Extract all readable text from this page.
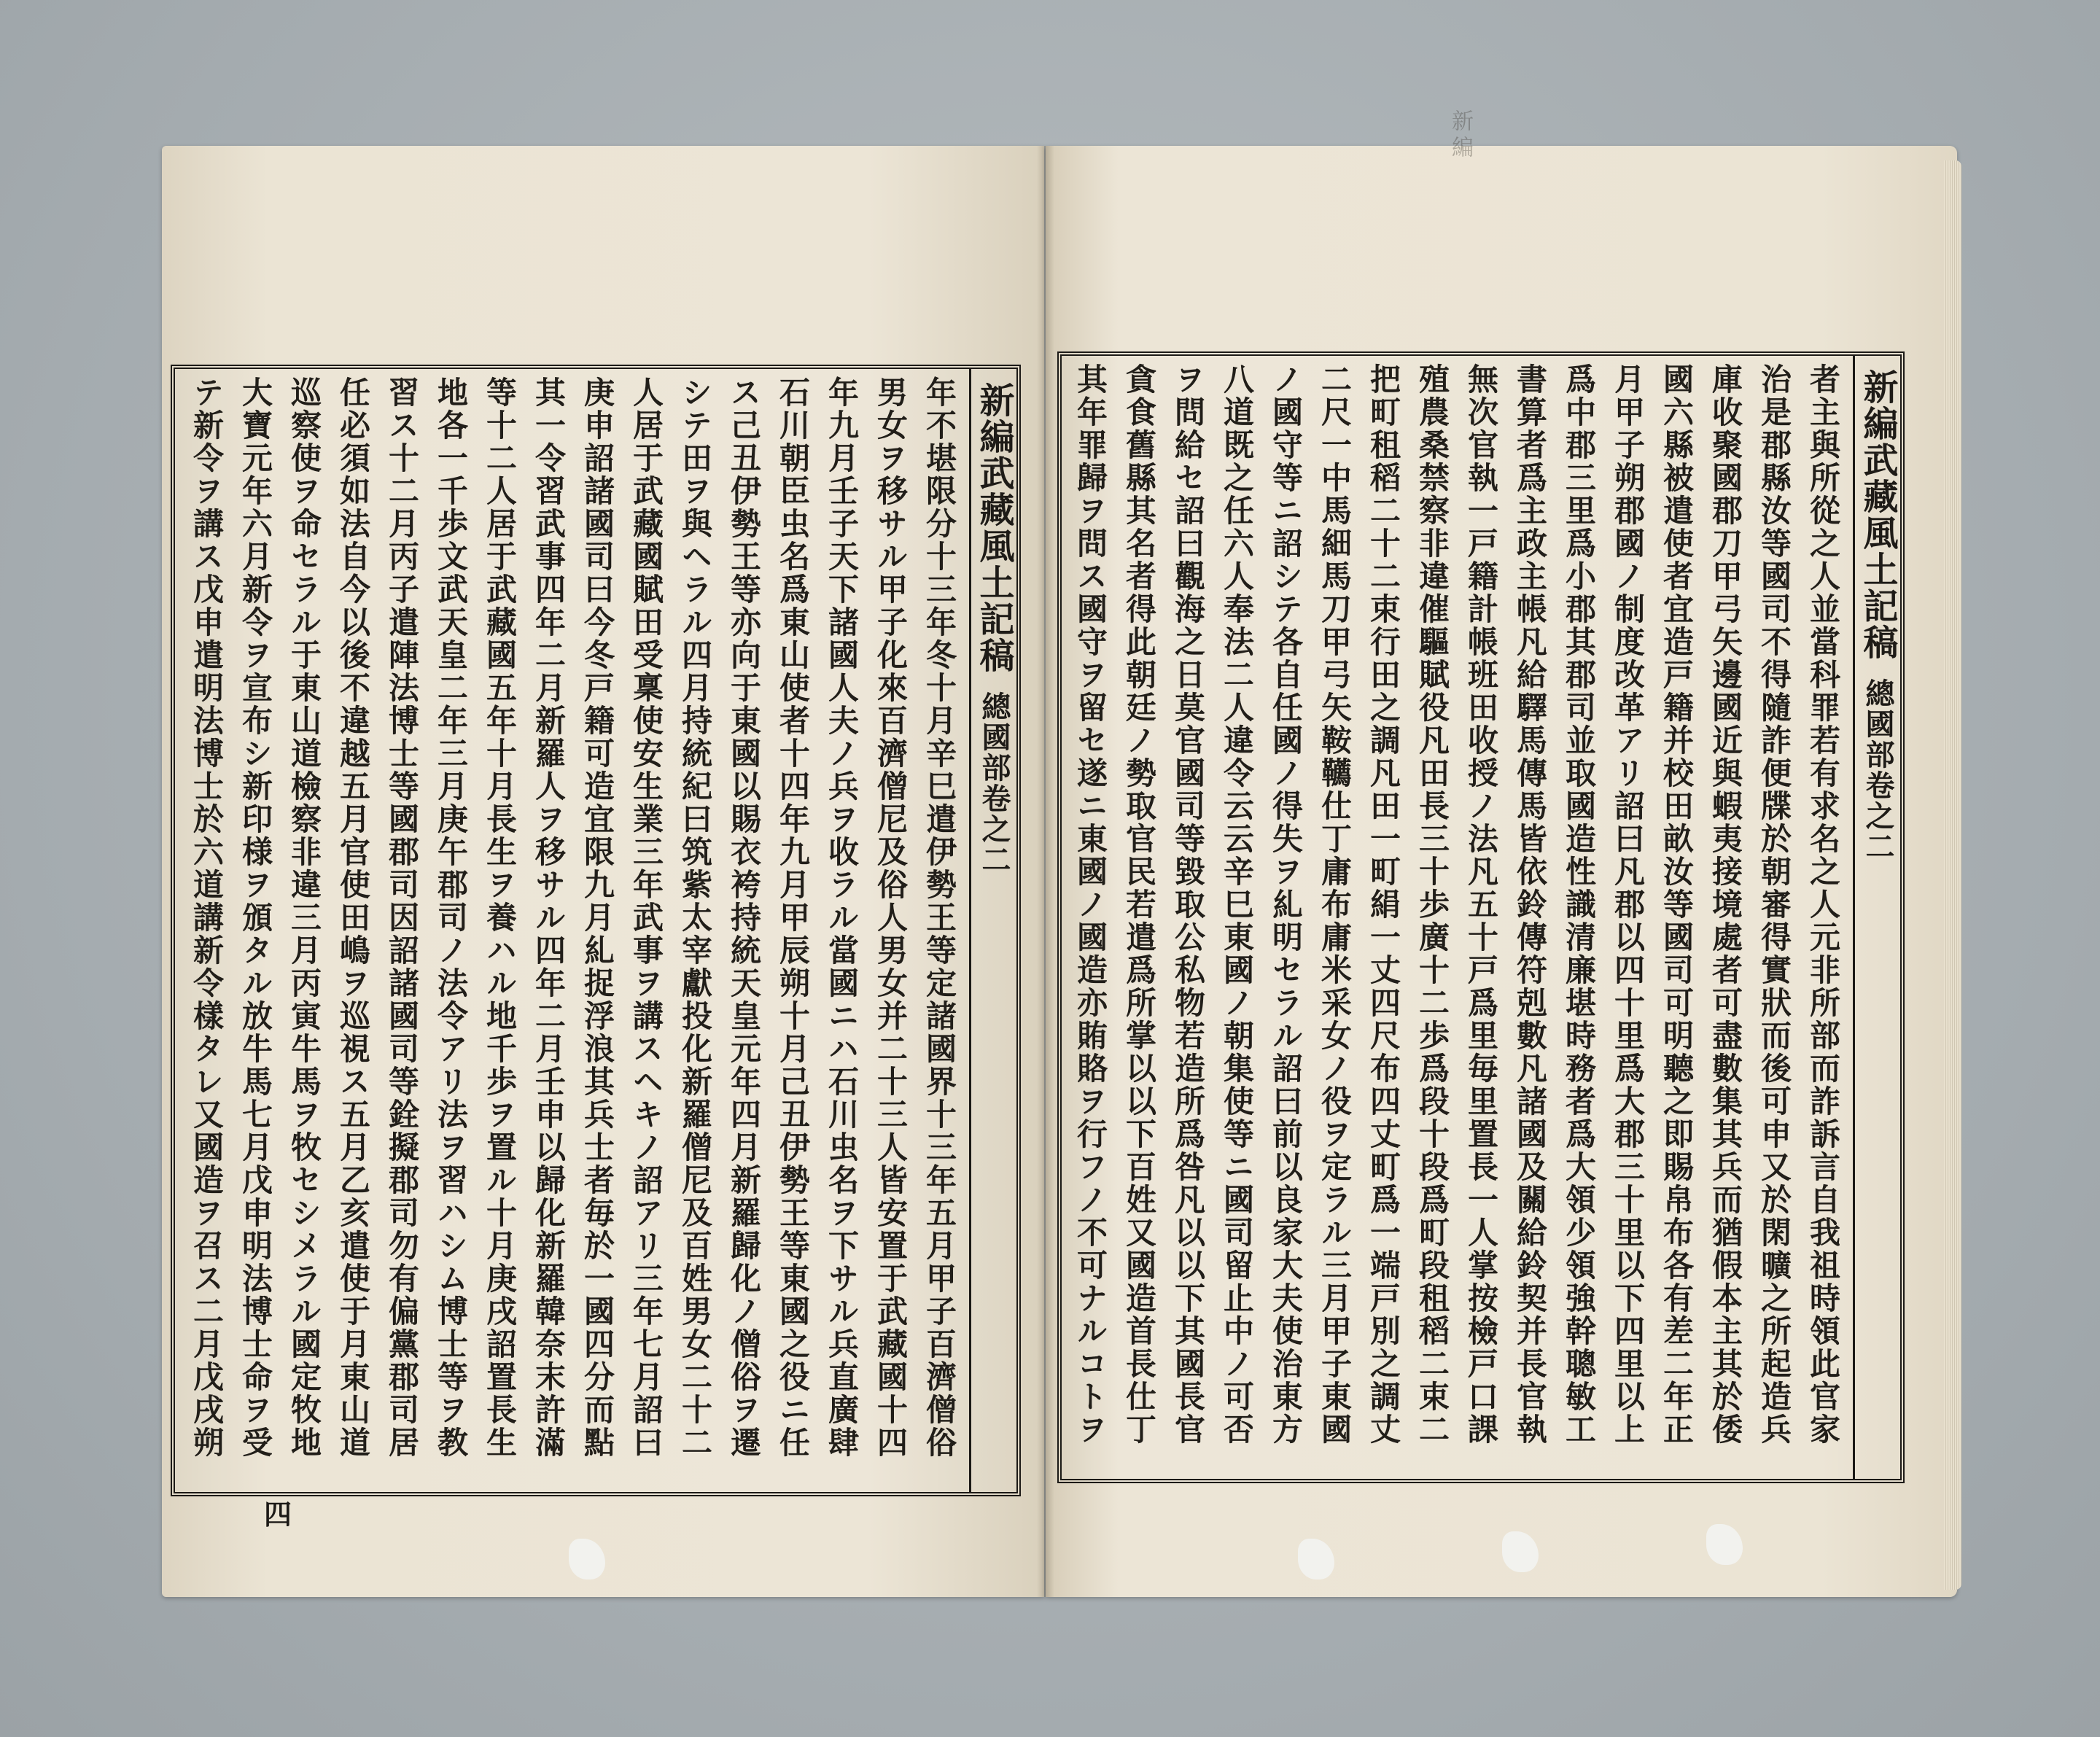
新編武藏風土記稿
總國部卷之二

年不堪限分十三年冬十月辛巳遣伊勢王等定諸國界十三年五月甲子百濟僧俗男女ヲ移サル甲子化來百濟僧尼及俗人男女并二十三人皆安置于武藏國十四年九月壬子天下諸國人夫ノ兵ヲ收ラル當國ニハ石川虫名ヲ下サル兵直廣肆石川朝臣虫名爲東山使者十四年九月甲辰朔十月己丑伊勢王等東國之役ニ任ス己丑伊勢王等亦向于東國以賜衣袴持統天皇元年四月新羅歸化ノ僧俗ヲ遷シテ田ヲ與ヘラル四月持統紀曰筑紫太宰獻投化新羅僧尼及百姓男女二十二人居于武藏國賦田受稟使安生業三年武事ヲ講スヘキノ詔アリ三年七月詔曰庚申詔諸國司曰今冬戸籍可造宜限九月糺捉浮浪其兵士者毎於一國四分而點其一令習武事四年二月新羅人ヲ移サル四年二月壬申以歸化新羅韓奈末許滿等十二人居于武藏國五年十月長生ヲ養ハル地千歩ヲ置ル十月庚戌詔置長生地各一千歩文武天皇二年三月庚午郡司ノ法令アリ法ヲ習ハシム博士等ヲ教習ス十二月丙子遣陣法博士等國郡司因詔諸國司等銓擬郡司勿有偏黨郡司居任必須如法自今以後不違越五月官使田嶋ヲ巡視ス五月乙亥遣使于月東山道巡察使ヲ命セラル于東山道檢察非違三月丙寅牛馬ヲ牧セシメラル國定牧地大寶元年六月新令ヲ宣布シ新印様ヲ頒タル放牛馬七月戊申明法博士命ヲ受テ新令ヲ講ス戊申遣明法博士於六道講新令樣タレ又國造ヲ召ス二月戊戌朔

四
新編武藏風土記稿
總國部卷之二

者主與所從之人並當科罪若有求名之人元非所部而詐訴言自我祖時領此官家治是郡縣汝等國司不得隨詐便牒於朝審得實狀而後可申又於閑曠之所起造兵庫收聚國郡刀甲弓矢邊國近與蝦夷接境處者可盡數集其兵而猶假本主其於倭國六縣被遣使者宜造戸籍并校田畝汝等國司可明聽之即賜帛布各有差二年正月甲子朔郡國ノ制度改革アリ詔曰凡郡以四十里爲大郡三十里以下四里以上爲中郡三里爲小郡其郡司並取國造性識清廉堪時務者爲大領少領強幹聰敏工書算者爲主政主帳凡給驛馬傳馬皆依鈴傳符剋數凡諸國及關給鈴契并長官執無次官執一戸籍計帳班田收授ノ法凡五十戸爲里毎里置長一人掌按檢戸口課殖農桑禁察非違催驅賦役凡田長三十歩廣十二歩爲段十段爲町段租稻二束二把町租稻二十二束行田之調凡田一町絹一丈四尺布四丈町爲一端戸別之調丈二尺一中馬細馬刀甲弓矢鞍韉仕丁庸布庸米采女ノ役ヲ定ラル三月甲子東國ノ國守等ニ詔シテ各自任國ノ得失ヲ糺明セラル詔曰前以良家大夫使治東方八道既之任六人奉法二人違令云云辛巳東國ノ朝集使等ニ國司留止中ノ可否ヲ問給セ詔曰觀海之日莫官國司等毀取公私物若造所爲咎凡以以下其國長官貪食舊縣其名者得此朝廷ノ勢取官民若遣爲所掌以以下百姓又國造首長仕丁其年罪歸ヲ問ス國守ヲ留セ遂ニ東國ノ國造亦賄賂ヲ行フノ不可ナルコトヲ

新編
